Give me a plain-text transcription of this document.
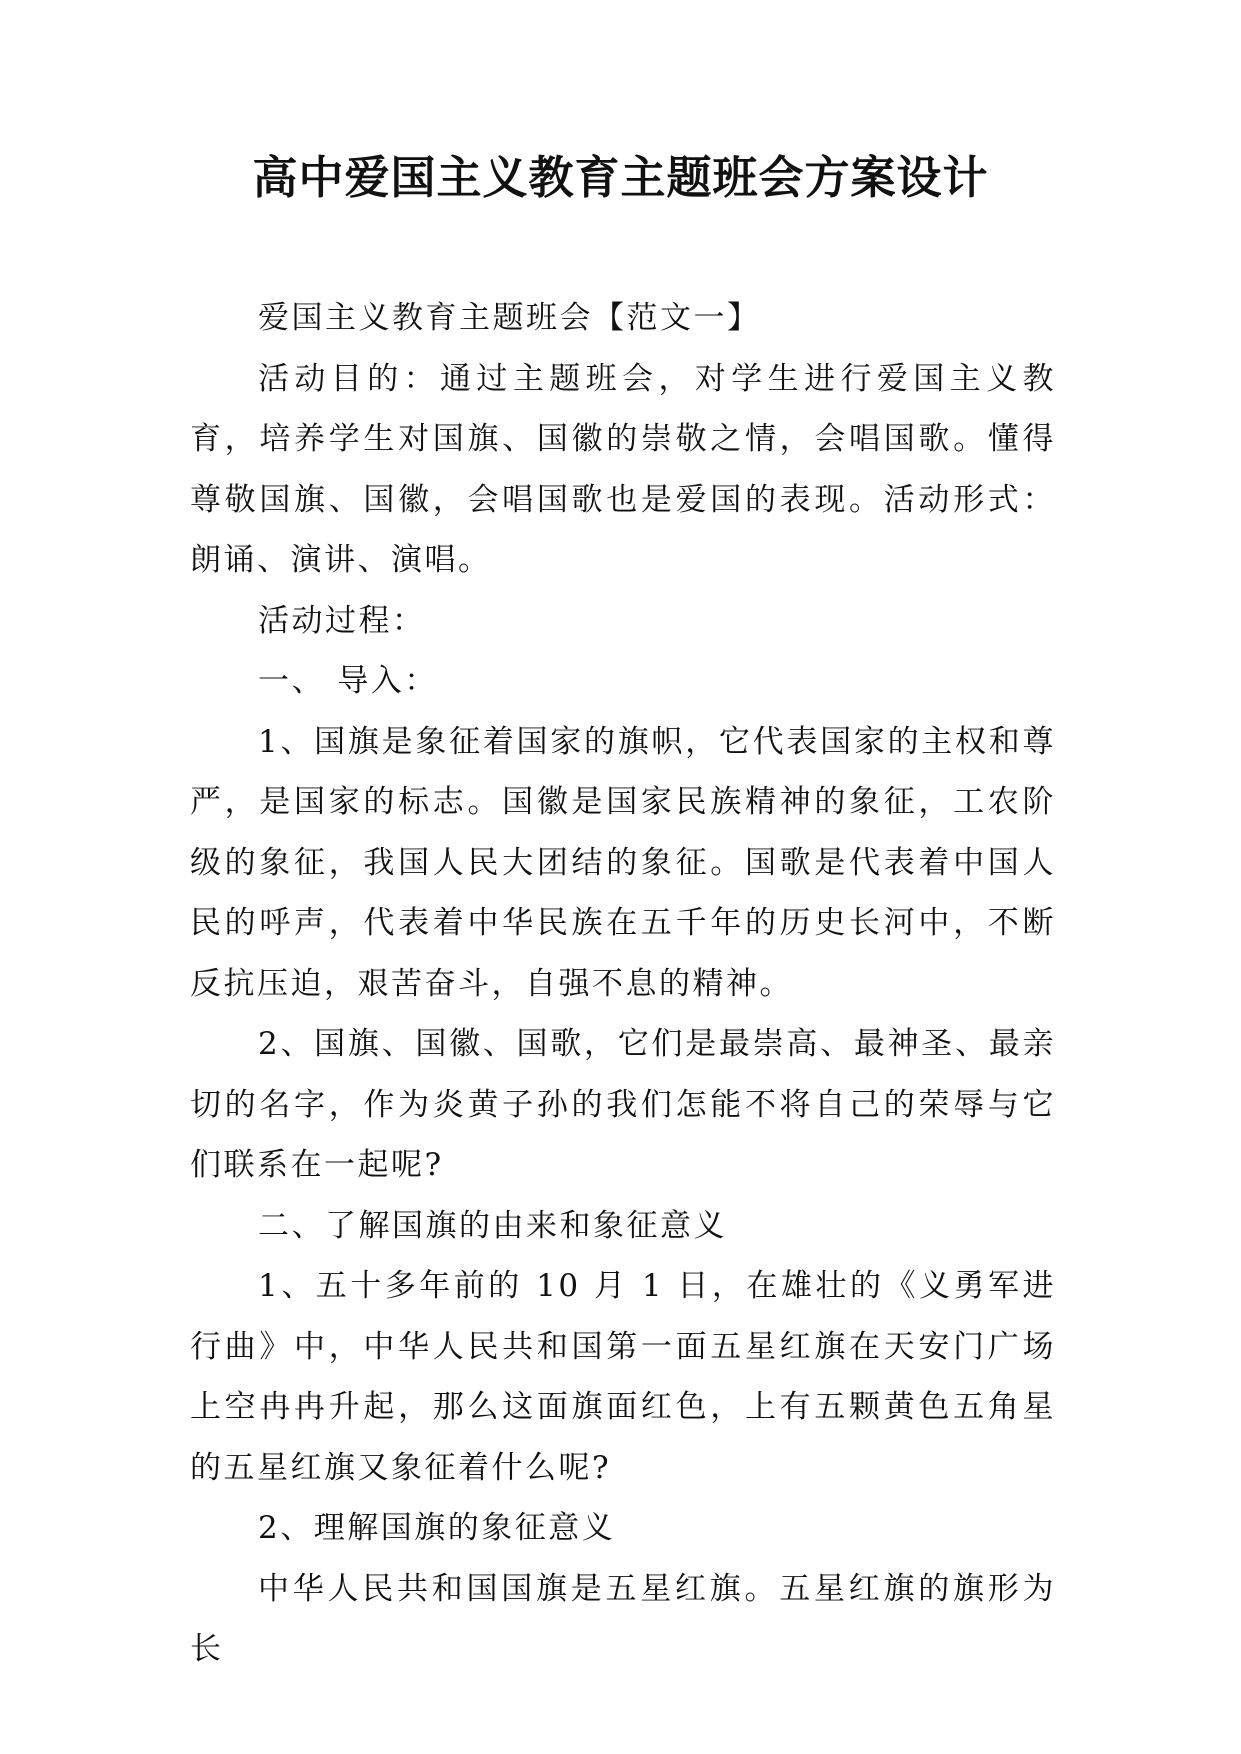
高中爱国主义教育主题班会方案设计

爱国主义教育主题班会【范文一】

活动目的：通过主题班会，对学生进行爱国主义教育，培养学生对国旗、国徽的崇敬之情，会唱国歌。懂得尊敬国旗、国徽，会唱国歌也是爱国的表现。活动形式：朗诵、演讲、演唱。

活动过程：

一、 导入：

1、国旗是象征着国家的旗帜，它代表国家的主权和尊严，是国家的标志。国徽是国家民族精神的象征，工农阶级的象征，我国人民大团结的象征。国歌是代表着中国人民的呼声，代表着中华民族在五千年的历史长河中，不断反抗压迫，艰苦奋斗，自强不息的精神。

2、国旗、国徽、国歌，它们是最崇高、最神圣、最亲切的名字，作为炎黄子孙的我们怎能不将自己的荣辱与它们联系在一起呢?

二、了解国旗的由来和象征意义

1、五十多年前的 10 月 1 日，在雄壮的《义勇军进行曲》中，中华人民共和国第一面五星红旗在天安门广场上空冉冉升起，那么这面旗面红色，上有五颗黄色五角星的五星红旗又象征着什么呢?

2、理解国旗的象征意义

中华人民共和国国旗是五星红旗。五星红旗的旗形为长
